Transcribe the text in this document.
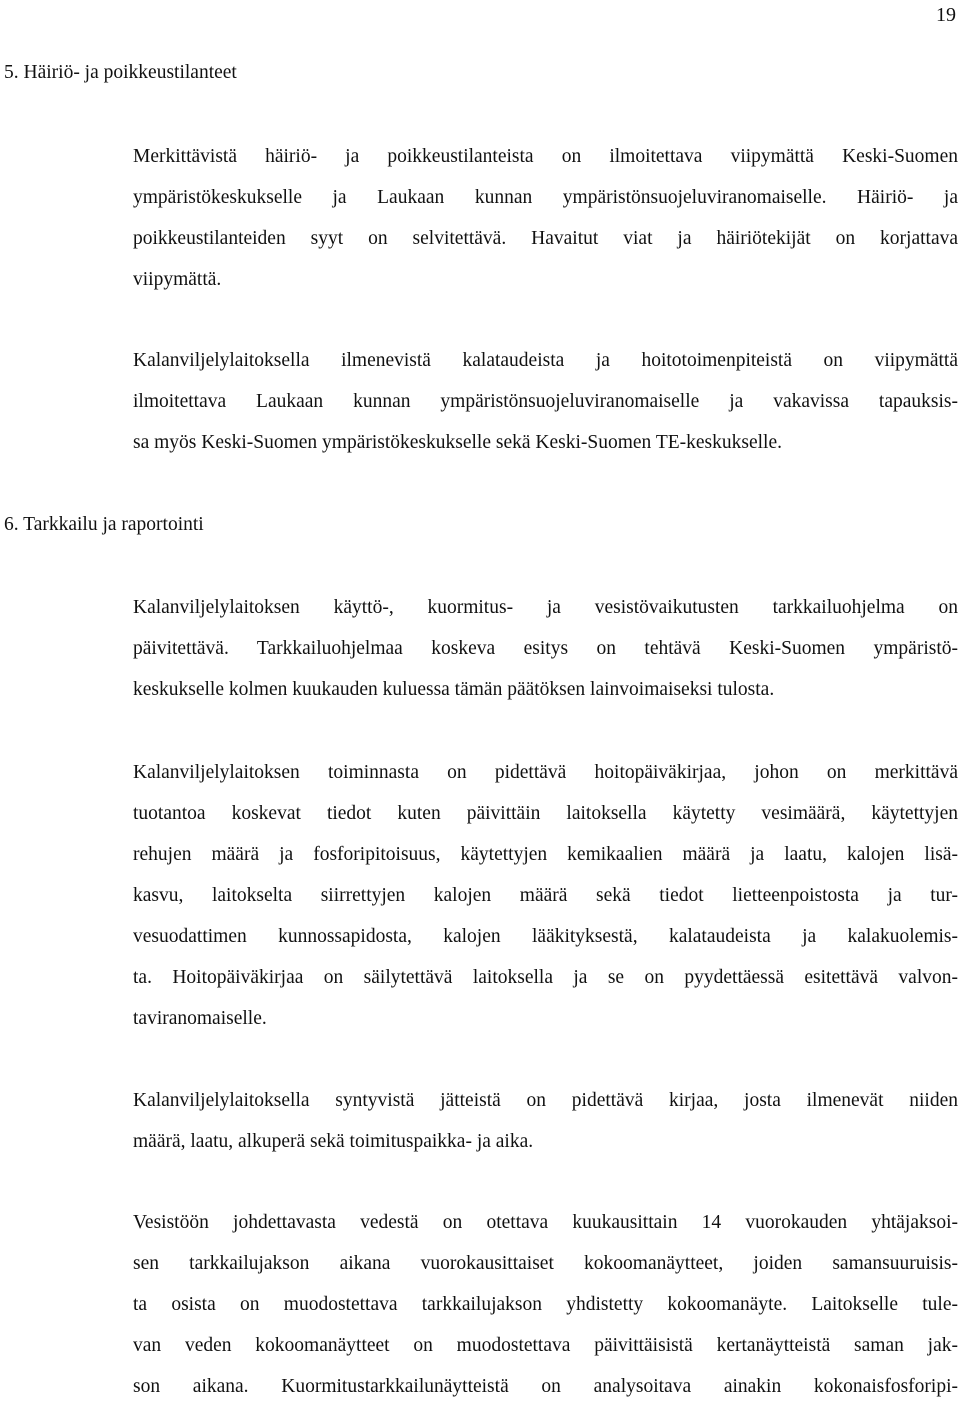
19
5. Häiriö- ja poikkeustilanteet
Merkittävistä häiriö- ja poikkeustilanteista on ilmoitettava viipymättä Keski-Suomen
ympäristökeskukselle ja Laukaan kunnan ympäristönsuojeluviranomaiselle. Häiriö- ja
poikkeustilanteiden syyt on selvitettävä. Havaitut viat ja häiriötekijät on korjattava
viipymättä.
Kalanviljelylaitoksella ilmenevistä kalataudeista ja hoitotoimenpiteistä on viipymättä
ilmoitettava Laukaan kunnan ympäristönsuojeluviranomaiselle ja vakavissa tapauksis-
sa myös Keski-Suomen ympäristökeskukselle sekä Keski-Suomen TE-keskukselle.
6. Tarkkailu ja raportointi
Kalanviljelylaitoksen käyttö-, kuormitus- ja vesistövaikutusten tarkkailuohjelma on
päivitettävä. Tarkkailuohjelmaa koskeva esitys on tehtävä Keski-Suomen ympäristö-
keskukselle kolmen kuukauden kuluessa tämän päätöksen lainvoimaiseksi tulosta.
Kalanviljelylaitoksen toiminnasta on pidettävä hoitopäiväkirjaa, johon on merkittävä
tuotantoa koskevat tiedot kuten päivittäin laitoksella käytetty vesimäärä, käytettyjen
rehujen määrä ja fosforipitoisuus, käytettyjen kemikaalien määrä ja laatu, kalojen lisä-
kasvu, laitokselta siirrettyjen kalojen määrä sekä tiedot lietteenpoistosta ja tur-
vesuodattimen kunnossapidosta, kalojen lääkityksestä, kalataudeista ja kalakuolemis-
ta. Hoitopäiväkirjaa on säilytettävä laitoksella ja se on pyydettäessä esitettävä valvon-
taviranomaiselle.
Kalanviljelylaitoksella syntyvistä jätteistä on pidettävä kirjaa, josta ilmenevät niiden
määrä, laatu, alkuperä sekä toimituspaikka- ja aika.
Vesistöön johdettavasta vedestä on otettava kuukausittain 14 vuorokauden yhtäjaksoi-
sen tarkkailujakson aikana vuorokausittaiset kokoomanäytteet, joiden samansuuruisis-
ta osista on muodostettava tarkkailujakson yhdistetty kokoomanäyte. Laitokselle tule-
van veden kokoomanäytteet on muodostettava päivittäisistä kertanäytteistä saman jak-
son aikana. Kuormitustarkkailunäytteistä on analysoitava ainakin kokonaisfosforipi-
